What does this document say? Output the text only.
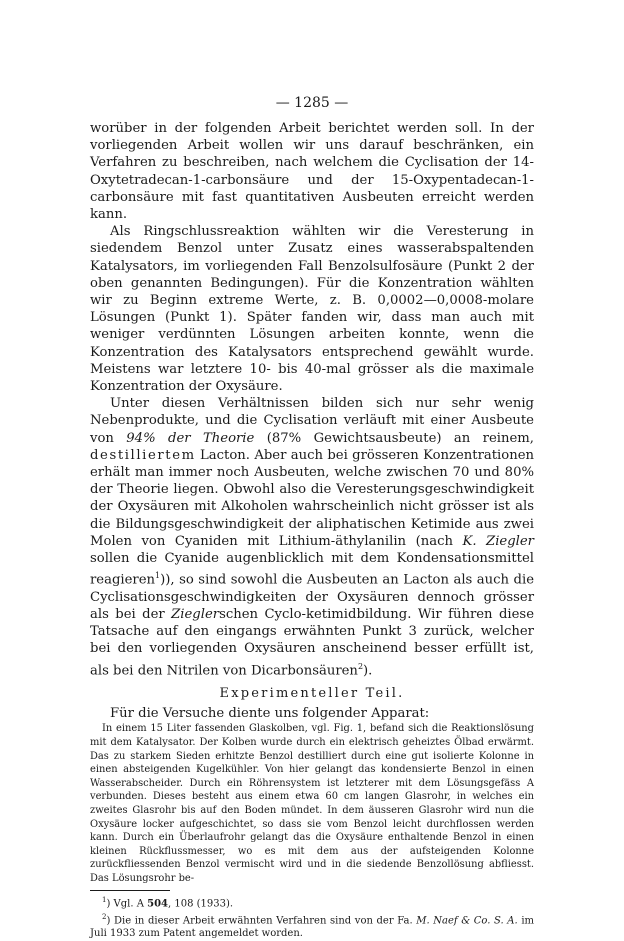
— 1285 —

worüber in der folgenden Arbeit berichtet werden soll. In der vorliegenden Arbeit wollen wir uns darauf beschränken, ein Verfahren zu beschreiben, nach welchem die Cyclisation der 14-Oxytetradecan-1-carbonsäure und der 15-Oxypentadecan-1-carbonsäure mit fast quantitativen Ausbeuten erreicht werden kann.

Als Ringschlussreaktion wählten wir die Veresterung in siedendem Benzol unter Zusatz eines wasserabspaltenden Katalysators, im vorliegenden Fall Benzolsulfosäure (Punkt 2 der oben genannten Bedingungen). Für die Konzentration wählten wir zu Beginn extreme Werte, z. B. 0,0002—0,0008-molare Lösungen (Punkt 1). Später fanden wir, dass man auch mit weniger verdünnten Lösungen arbeiten konnte, wenn die Konzentration des Katalysators entsprechend gewählt wurde. Meistens war letztere 10- bis 40-mal grösser als die maximale Konzentration der Oxysäure.

Unter diesen Verhältnissen bilden sich nur sehr wenig Nebenprodukte, und die Cyclisation verläuft mit einer Ausbeute von 94% der Theorie (87% Gewichtsausbeute) an reinem, destilliertem Lacton. Aber auch bei grösseren Konzentrationen erhält man immer noch Ausbeuten, welche zwischen 70 und 80% der Theorie liegen. Obwohl also die Veresterungsgeschwindigkeit der Oxysäuren mit Alkoholen wahrscheinlich nicht grösser ist als die Bildungsgeschwindigkeit der aliphatischen Ketimide aus zwei Molen von Cyaniden mit Lithium-äthylanilin (nach K. Ziegler sollen die Cyanide augenblicklich mit dem Kondensationsmittel reagieren$^1$)), so sind sowohl die Ausbeuten an Lacton als auch die Cyclisationsgeschwindigkeiten der Oxysäuren dennoch grösser als bei der Zieglerschen Cyclo-ketimidbildung. Wir führen diese Tatsache auf den eingangs erwähnten Punkt 3 zurück, welcher bei den vorliegenden Oxysäuren anscheinend besser erfüllt ist, als bei den Nitrilen von Dicarbonsäuren$^2$).

Experimenteller Teil.

Für die Versuche diente uns folgender Apparat:

In einem 15 Liter fassenden Glaskolben, vgl. Fig. 1, befand sich die Reaktionslösung mit dem Katalysator. Der Kolben wurde durch ein elektrisch geheiztes Ölbad erwärmt. Das zu starkem Sieden erhitzte Benzol destilliert durch eine gut isolierte Kolonne in einen absteigenden Kugelkühler. Von hier gelangt das kondensierte Benzol in einen Wasserabscheider. Durch ein Röhrensystem ist letzterer mit dem Lösungsgefäss A verbunden. Dieses besteht aus einem etwa 60 cm langen Glasrohr, in welches ein zweites Glasrohr bis auf den Boden mündet. In dem äusseren Glasrohr wird nun die Oxysäure locker aufgeschichtet, so dass sie vom Benzol leicht durchflossen werden kann. Durch ein Überlaufrohr gelangt das die Oxysäure enthaltende Benzol in einen kleinen Rückflussmesser, wo es mit dem aus der aufsteigenden Kolonne zurückfliessenden Benzol vermischt wird und in die siedende Benzollösung abfliesst. Das Lösungsrohr be-

$^1$) Vgl. A 504, 108 (1933).

$^2$) Die in dieser Arbeit erwähnten Verfahren sind von der Fa. M. Naef & Co. S. A. im Juli 1933 zum Patent angemeldet worden.
